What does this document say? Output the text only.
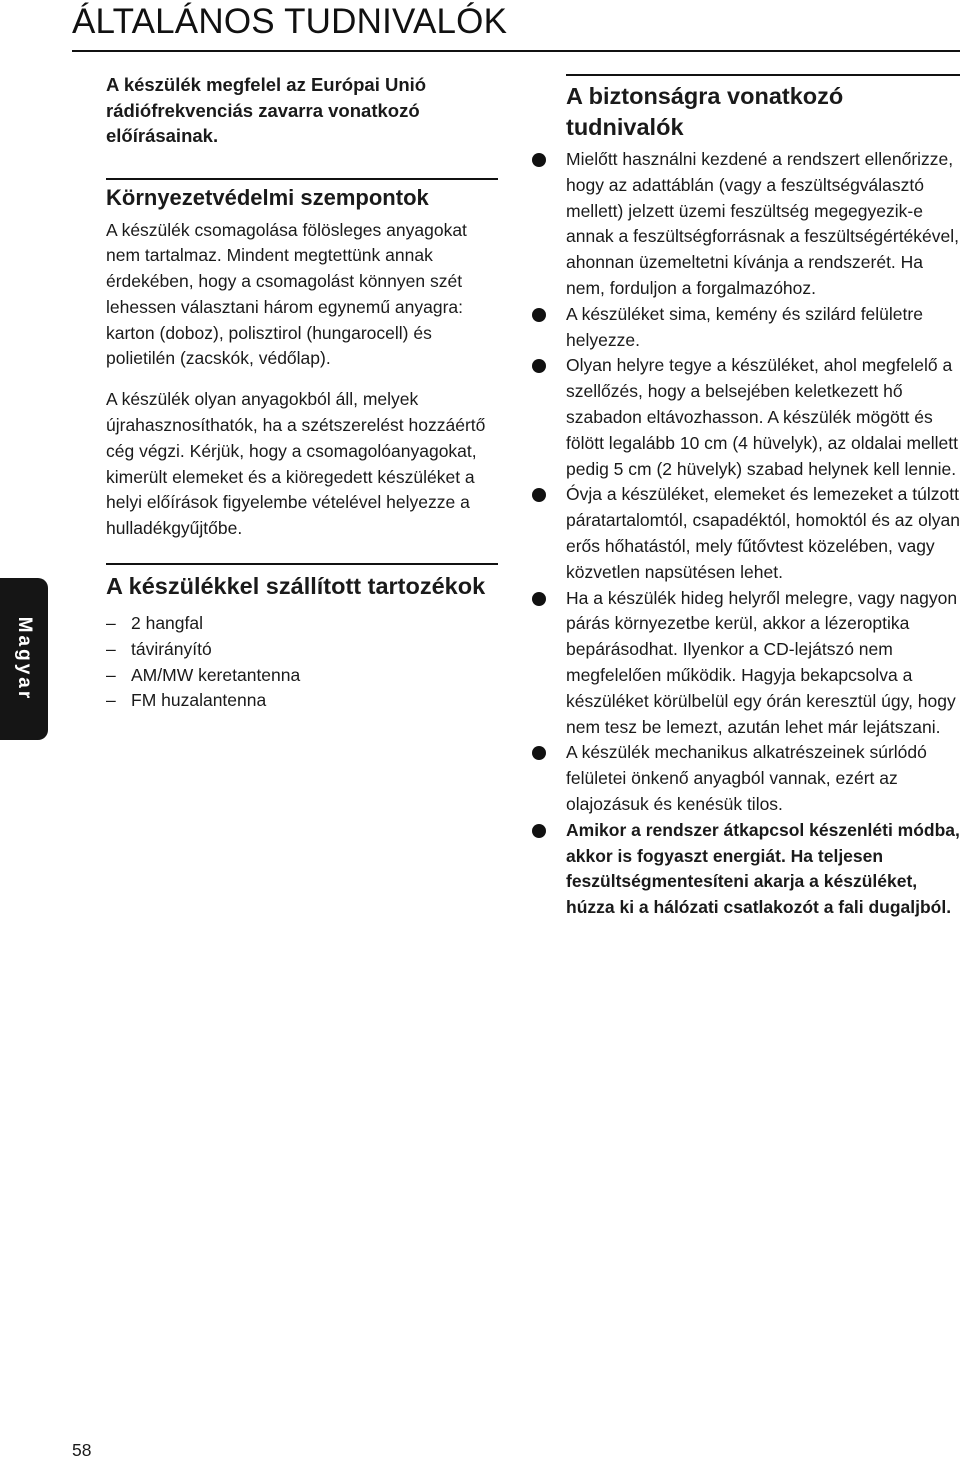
ÁLTALÁNOS TUDNIVALÓK
Magyar

A készülék megfelel az Európai Unió rádiófrekvenciás zavarra vonatkozó előírásainak.

Környezetvédelmi szempontok

A készülék csomagolása fölösleges anyagokat nem tartalmaz. Mindent megtettünk annak érdekében, hogy a csomagolást könnyen szét lehessen választani három egynemű anyagra: karton (doboz), polisztirol (hungarocell) és polietilén (zacskók, védőlap).

A készülék olyan anyagokból áll, melyek újrahasznosíthatók, ha a szétszerelést hozzáértő cég végzi. Kérjük, hogy a csomagolóanyagokat, kimerült elemeket és a kiöregedett készüléket a helyi előírások figyelembe vételével helyezze a hulladékgyűjtőbe.

A készülékkel szállított tartozékok
– 2 hangfal
– távirányító
– AM/MW keretantenna
– FM huzalantenna
A biztonságra vonatkozó tudnivalók
Mielőtt használni kezdené a rendszert ellenőrizze, hogy az adattáblán (vagy a feszültségválasztó mellett) jelzett üzemi feszültség megegyezik-e annak a feszültségforrásnak a feszültségértékével, ahonnan üzemeltetni kívánja a rendszerét. Ha nem, forduljon a forgalmazóhoz.
A készüléket sima, kemény és szilárd felületre helyezze.
Olyan helyre tegye a készüléket, ahol megfelelő a szellőzés, hogy a belsejében keletkezett hő szabadon eltávozhasson. A készülék mögött és fölött legalább 10 cm (4 hüvelyk), az oldalai mellett pedig 5 cm (2 hüvelyk) szabad helynek kell lennie.
Óvja a készüléket, elemeket és lemezeket a túlzott páratartalomtól, csapadéktól, homoktól és az olyan erős hőhatástól, mely fűtővtest közelében, vagy közvetlen napsütésen lehet.
Ha a készülék hideg helyről melegre, vagy nagyon párás környezetbe kerül, akkor a lézeroptika bepárásodhat. Ilyenkor a CD-lejátszó nem megfelelően működik. Hagyja bekapcsolva a készüléket körülbelül egy órán keresztül úgy, hogy nem tesz be lemezt, azután lehet már lejátszani.
A készülék mechanikus alkatrészeinek súrlódó felületei önkenő anyagból vannak, ezért az olajozásuk és kenésük tilos.
Amikor a rendszer átkapcsol készenléti módba, akkor is fogyaszt energiát. Ha teljesen feszültségmentesíteni akarja a készüléket, húzza ki a hálózati csatlakozót a fali dugaljból.
58
